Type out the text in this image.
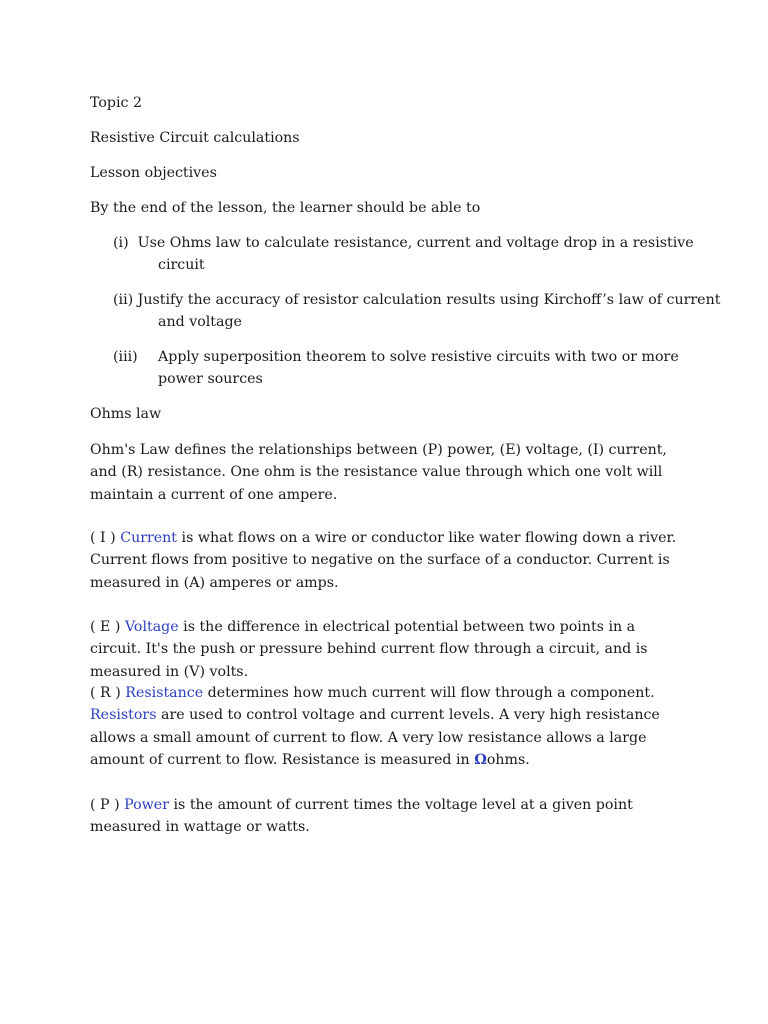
Topic 2
Resistive Circuit calculations
Lesson objectives
By the end of the lesson, the learner should be able to
(i) Use Ohms law to calculate resistance, current and voltage drop in a resistive
circuit
(ii) Justify the accuracy of resistor calculation results using Kirchoff’s law of current
and voltage
(iii)	Apply superposition theorem to solve resistive circuits with two or more
power sources
Ohms law
Ohm's Law defines the relationships between (P) power, (E) voltage, (I) current, and (R) resistance. One ohm is the resistance value through which one volt will maintain a current of one ampere.
( I ) Current is what flows on a wire or conductor like water flowing down a river. Current flows from positive to negative on the surface of a conductor. Current is measured in (A) amperes or amps.
( E ) Voltage is the difference in electrical potential between two points in a circuit. It's the push or pressure behind current flow through a circuit, and is measured in (V) volts.
( R ) Resistance determines how much current will flow through a component. Resistors are used to control voltage and current levels. A very high resistance allows a small amount of current to flow. A very low resistance allows a large amount of current to flow. Resistance is measured in Ωohms.
( P ) Power is the amount of current times the voltage level at a given point measured in wattage or watts.
